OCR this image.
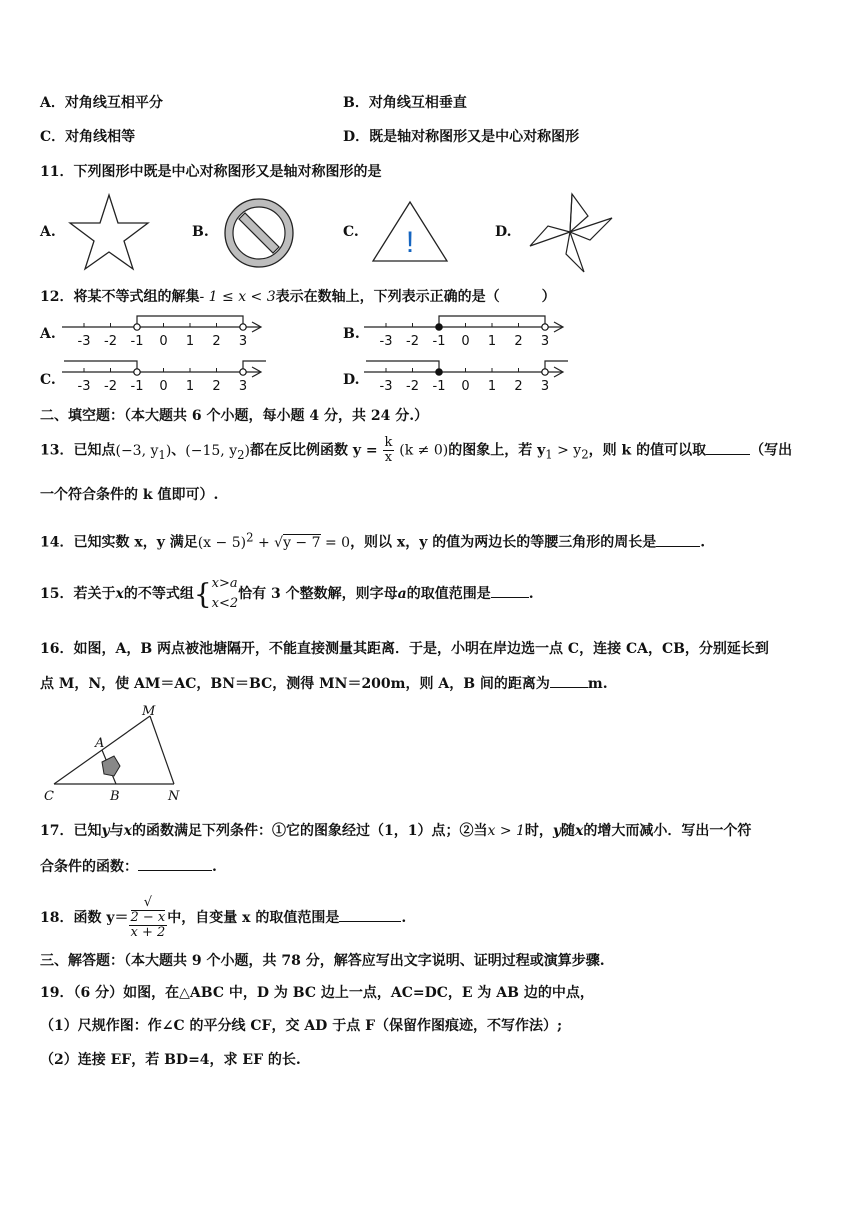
A．对角线互相平分	B．对角线互相垂直
C．对角线相等	D．既是轴对称图形又是中心对称图形
11．下列图形中既是中心对称图形又是轴对称图形的是
A.	B.	C.	D.
!
12．将某不等式组的解集- 1 ≤ x < 3表示在数轴上，下列表示正确的是（　　　）
A.	B.
C.	D.
-3 -2 -1 0 1 2 3	-3 -2 -1 0 1 2 3
-3 -2 -1 0 1 2 3	-3 -2 -1 0 1 2 3
二、填空题：（本大题共 6 个小题，每小题 4 分，共 24 分.）
13．已知点(−3, $y_1$)、(−15, $y_2$)都在反比例函数 $y = \frac{k}{x} (k \ne 0)$的图象上，若 $y_1 > y_2$，则 k 的值可以取	（写出
一个符合条件的 k 值即可）.
14．已知实数 x，y 满足$(x - 5)^2 + √y - 7 = 0$，则以 x，y 的值为两边长的等腰三角形的周长是	.
15．若关于x的不等式组{ x>a
x<2
恰有 3 个整数解，则字母a的取值范围是	.
16．如图，A，B 两点被池塘隔开，不能直接测量其距离．于是，小明在岸边选一点 C，连接 CA，CB，分别延长到
点 M，N，使 AM＝AC，BN＝BC，测得 MN＝200m，则 A，B 间的距离为	m.
M
A
C	B	N
17．已知y与x的函数满足下列条件：①它的图象经过（1，1）点；②当x > 1时，y随x的增大而减小．写出一个符
合条件的函数：	.
18．函数 y＝ √
2 − x
x + 2 中，自变量 x 的取值范围是	.
三、解答题：（本大题共 9 个小题，共 78 分，解答应写出文字说明、证明过程或演算步骤.
19．（6 分）如图，在△ABC 中，D 为 BC 边上一点，AC=DC，E 为 AB 边的中点，
（1）尺规作图：作∠C 的平分线 CF，交 AD 于点 F（保留作图痕迹，不写作法）;
（2）连接 EF，若 BD=4，求 EF 的长.
